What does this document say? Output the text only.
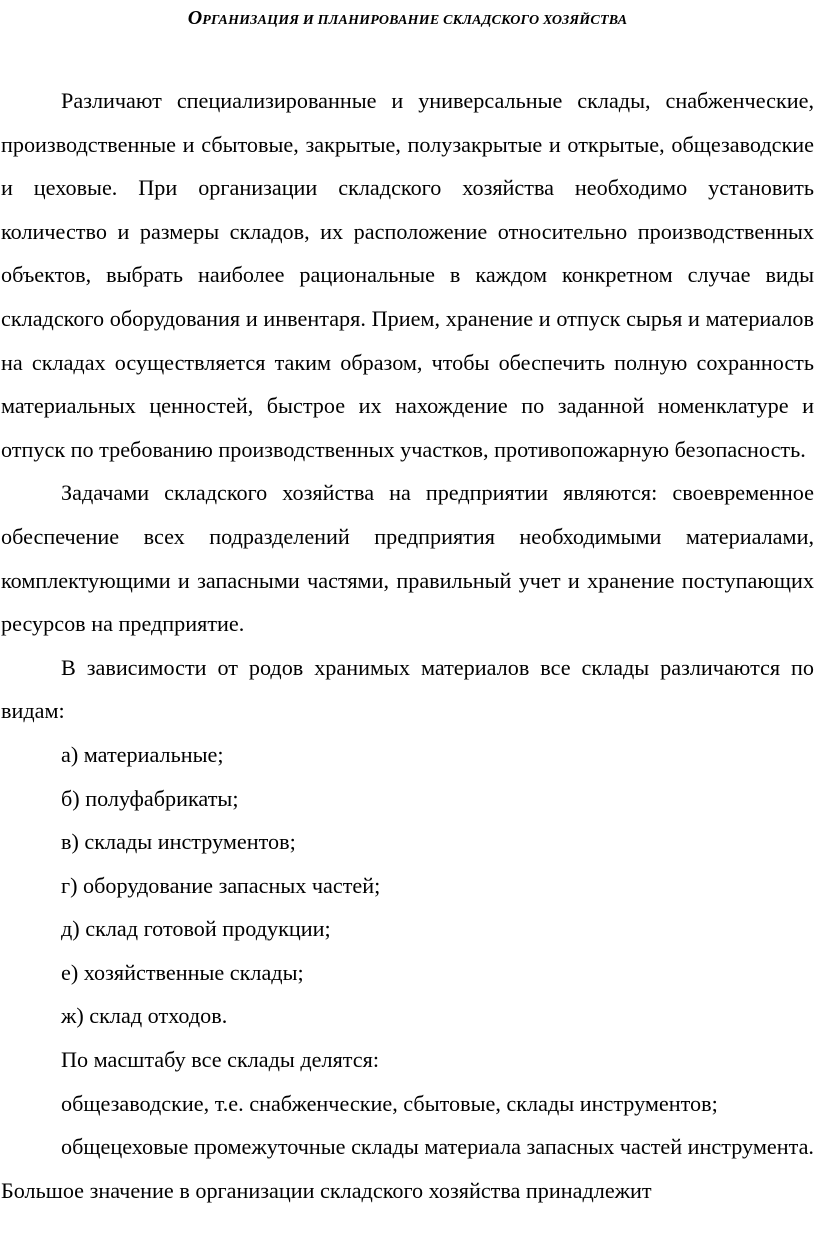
ОРГАНИЗАЦИЯ И ПЛАНИРОВАНИЕ СКЛАДСКОГО ХОЗЯЙСТВА

Различают специализированные и универсальные склады, снабженческие, производственные и сбытовые, закрытые, полузакрытые и открытые, общезаводские и цеховые. При организации складского хозяйства необходимо установить количество и размеры складов, их расположение относительно производственных объектов, выбрать наиболее рациональные в каждом конкретном случае виды складского оборудования и инвентаря. Прием, хранение и отпуск сырья и материалов на складах осуществляется таким образом, чтобы обеспечить полную сохранность материальных ценностей, быстрое их нахождение по заданной номенклатуре и отпуск по требованию производственных участков, противопожарную безопасность.

Задачами складского хозяйства на предприятии являются: своевременное обеспечение всех подразделений предприятия необходимыми материалами, комплектующими и запасными частями, правильный учет и хранение поступающих ресурсов на предприятие.

В зависимости от родов хранимых материалов все склады различаются по видам:

а) материальные;

б) полуфабрикаты;

в) склады инструментов;

г) оборудование запасных частей;

д) склад готовой продукции;

е) хозяйственные склады;

ж) склад отходов.

По масштабу все склады делятся:

общезаводские, т.е. снабженческие, сбытовые, склады инструментов;

общецеховые промежуточные склады материала запасных частей инструмента.

Большое значение в организации складского хозяйства принадлежит
